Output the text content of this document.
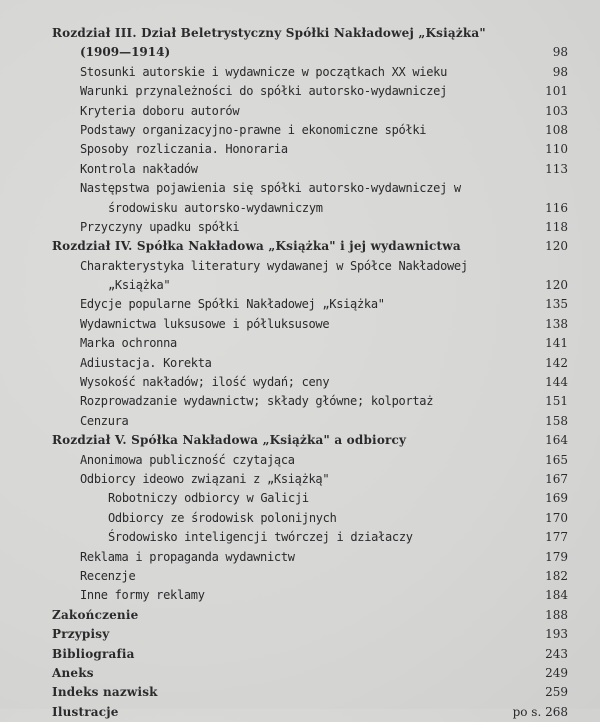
Rozdział III. Dział Beletrystyczny Spółki Nakładowej „Książka"
(1909—1914)	98
Stosunki autorskie i wydawnicze w początkach XX wieku	98
Warunki przynależności do spółki autorsko-wydawniczej	101
Kryteria doboru autorów	103
Podstawy organizacyjno-prawne i ekonomiczne spółki	108
Sposoby rozliczania. Honoraria	110
Kontrola nakładów	113
Następstwa pojawienia się spółki autorsko-wydawniczej w
środowisku autorsko-wydawniczym	116
Przyczyny upadku spółki	118
Rozdział IV. Spółka Nakładowa „Książka" i jej wydawnictwa	120
Charakterystyka literatury wydawanej w Spółce Nakładowej
„Książka"	120
Edycje popularne Spółki Nakładowej „Książka"	135
Wydawnictwa luksusowe i półluksusowe	138
Marka ochronna	141
Adiustacja. Korekta	142
Wysokość nakładów; ilość wydań; ceny	144
Rozprowadzanie wydawnictw; składy główne; kolportaż	151
Cenzura	158
Rozdział V. Spółka Nakładowa „Książka" a odbiorcy	164
Anonimowa publiczność czytająca	165
Odbiorcy ideowo związani z „Książką"	167
Robotniczy odbiorcy w Galicji	169
Odbiorcy ze środowisk polonijnych	170
Środowisko inteligencji twórczej i działaczy	177
Reklama i propaganda wydawnictw	179
Recenzje	182
Inne formy reklamy	184
Zakończenie	188
Przypisy	193
Bibliografia	243
Aneks	249
Indeks nazwisk	259
Ilustracje	po s. 268
